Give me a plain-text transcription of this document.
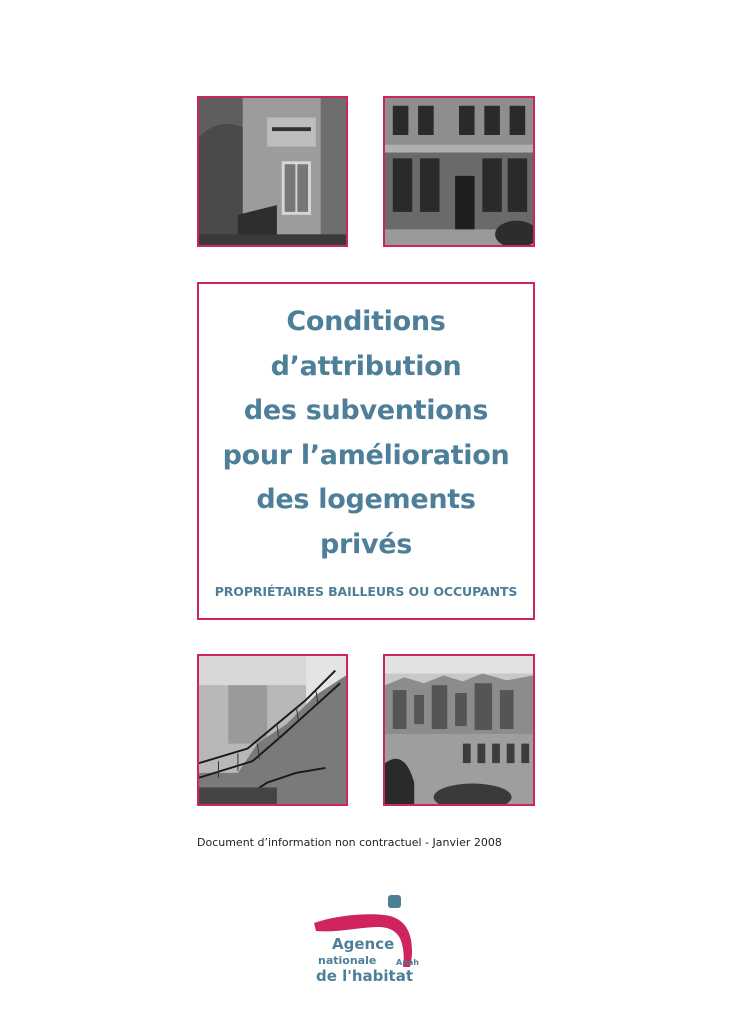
Conditions
d’attribution
des subventions
pour l’amélioration
des logements
privés
PROPRIÉTAIRES BAILLEURS OU OCCUPANTS
Document d’information non contractuel - Janvier 2008
Agence
nationale Anah
de l'habitat
